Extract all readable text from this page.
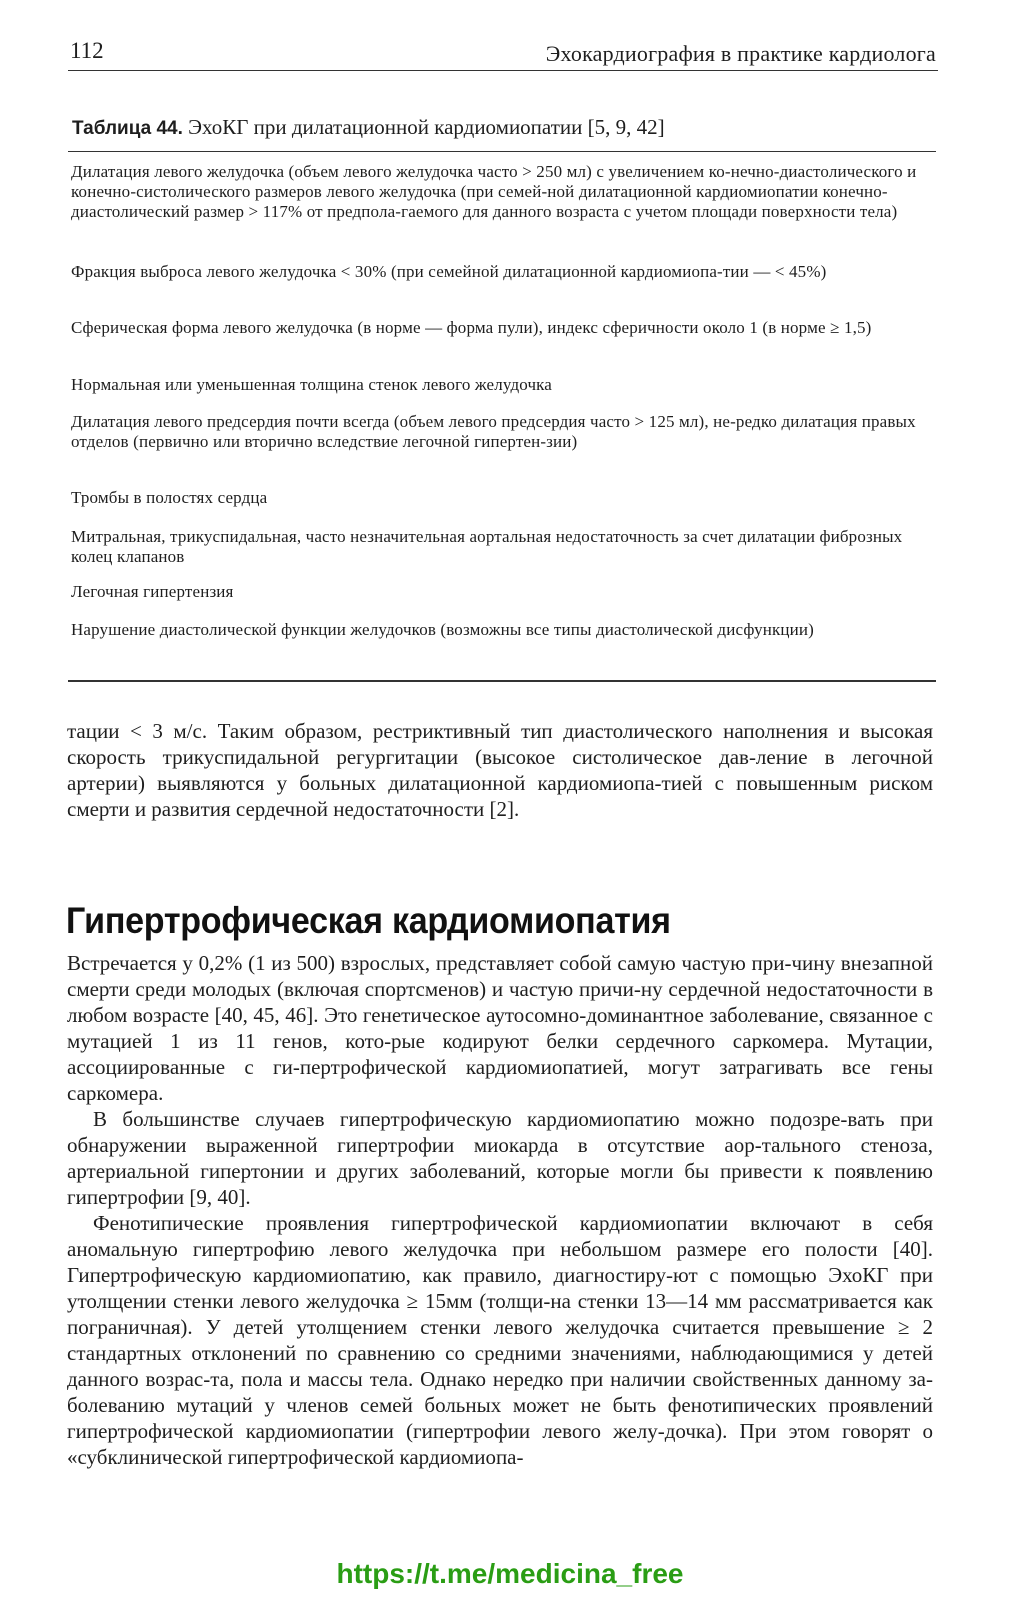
112	Эхокардиография в практике кардиолога
Таблица 44. ЭхоКГ при дилатационной кардиомиопатии [5, 9, 42]
Дилатация левого желудочка (объем левого желудочка часто > 250 мл) с увеличением ко-нечно-диастолического и конечно-систолического размеров левого желудочка (при семей-ной дилатационной кардиомиопатии конечно-диастолический размер > 117% от предпола-гаемого для данного возраста с учетом площади поверхности тела)
Фракция выброса левого желудочка < 30% (при семейной дилатационной кардиомиопа-тии — < 45%)
Сферическая форма левого желудочка (в норме — форма пули), индекс сферичности около 1 (в норме ≥ 1,5)
Нормальная или уменьшенная толщина стенок левого желудочка
Дилатация левого предсердия почти всегда (объем левого предсердия часто > 125 мл), не-редко дилатация правых отделов (первично или вторично вследствие легочной гипертен-зии)
Тромбы в полостях сердца
Митральная, трикуспидальная, часто незначительная аортальная недостаточность за счет дилатации фиброзных колец клапанов
Легочная гипертензия
Нарушение диастолической функции желудочков (возможны все типы диастолической дисфункции)

тации < 3 м/с. Таким образом, рестриктивный тип диастолического наполнения и высокая скорость трикуспидальной регургитации (высокое систолическое дав-ление в легочной артерии) выявляются у больных дилатационной кардиомиопа-тией с повышенным риском смерти и развития сердечной недостаточности [2].

Гипертрофическая кардиомиопатия

Встречается у 0,2% (1 из 500) взрослых, представляет собой самую частую при-чину внезапной смерти среди молодых (включая спортсменов) и частую причи-ну сердечной недостаточности в любом возрасте [40, 45, 46]. Это генетическое аутосомно-доминантное заболевание, связанное с мутацией 1 из 11 генов, кото-рые кодируют белки сердечного саркомера. Мутации, ассоциированные с ги-пертрофической кардиомиопатией, могут затрагивать все гены саркомера.

В большинстве случаев гипертрофическую кардиомиопатию можно подозре-вать при обнаружении выраженной гипертрофии миокарда в отсутствие аор-тального стеноза, артериальной гипертонии и других заболеваний, которые могли бы привести к появлению гипертрофии [9, 40].

Фенотипические проявления гипертрофической кардиомиопатии включают в себя аномальную гипертрофию левого желудочка при небольшом размере его полости [40]. Гипертрофическую кардиомиопатию, как правило, диагностиру-ют с помощью ЭхоКГ при утолщении стенки левого желудочка ≥ 15мм (толщи-на стенки 13—14 мм рассматривается как пограничная). У детей утолщением стенки левого желудочка считается превышение ≥ 2 стандартных отклонений по сравнению со средними значениями, наблюдающимися у детей данного возрас-та, пола и массы тела. Однако нередко при наличии свойственных данному за-болеванию мутаций у членов семей больных может не быть фенотипических проявлений гипертрофической кардиомиопатии (гипертрофии левого желу-дочка). При этом говорят о «субклинической гипертрофической кардиомиопа-

https://t.me/medicina_free
